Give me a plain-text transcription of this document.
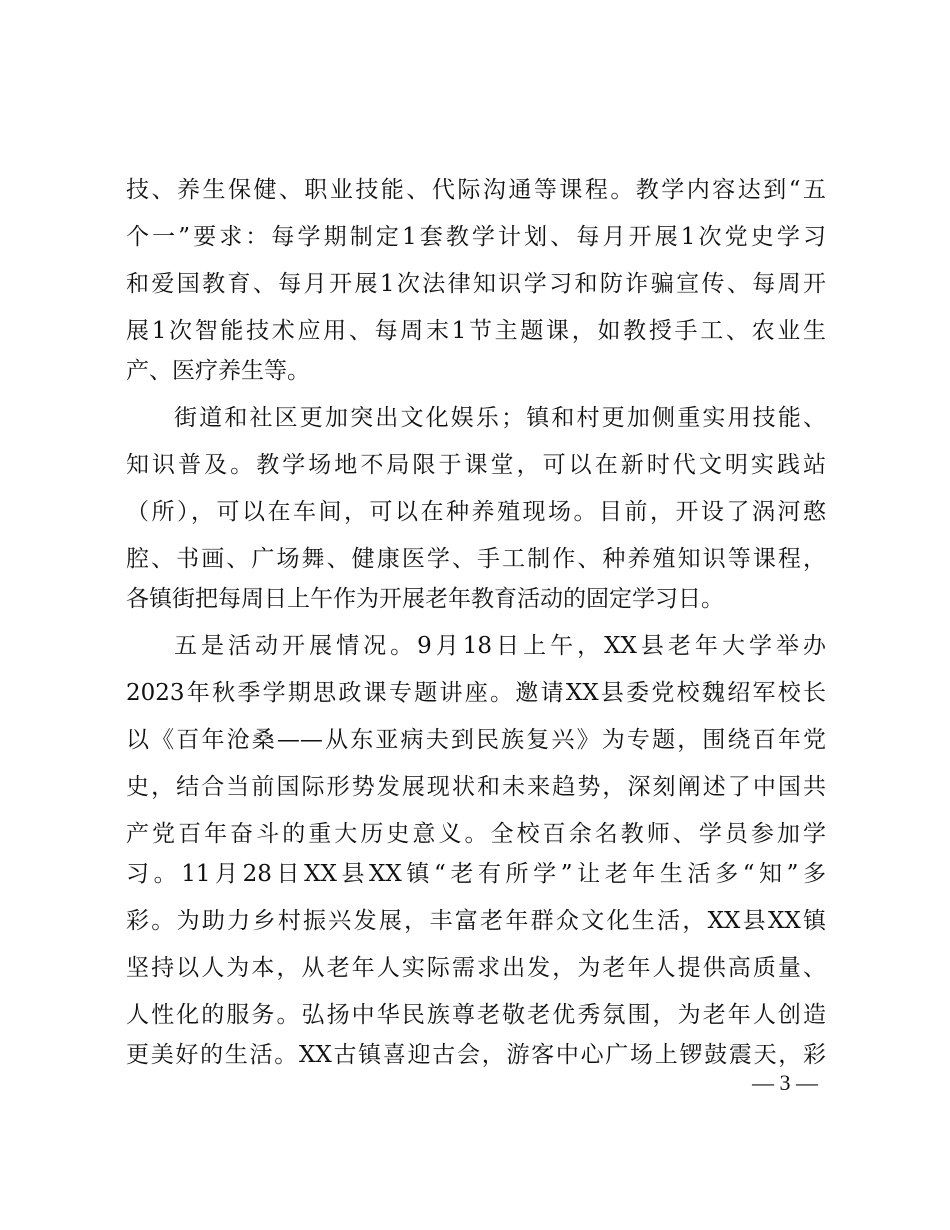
技、养生保健、职业技能、代际沟通等课程。教学内容达到“五
个一”要求：每学期制定1套教学计划、每月开展1次党史学习
和爱国教育、每月开展1次法律知识学习和防诈骗宣传、每周开
展1次智能技术应用、每周末1节主题课，如教授手工、农业生
产、医疗养生等。
街道和社区更加突出文化娱乐；镇和村更加侧重实用技能、
知识普及。教学场地不局限于课堂，可以在新时代文明实践站
（所），可以在车间，可以在种养殖现场。目前，开设了涡河憨
腔、书画、广场舞、健康医学、手工制作、种养殖知识等课程，
各镇街把每周日上午作为开展老年教育活动的固定学习日。
五是活动开展情况。9月18日上午，XX县老年大学举办
2023年秋季学期思政课专题讲座。邀请XX县委党校魏绍军校长
以《百年沧桑——从东亚病夫到民族复兴》为专题，围绕百年党
史，结合当前国际形势发展现状和未来趋势，深刻阐述了中国共
产党百年奋斗的重大历史意义。全校百余名教师、学员参加学
习。11月28日XX县XX镇“老有所学”让老年生活多“知”多
彩。为助力乡村振兴发展，丰富老年群众文化生活，XX县XX镇
坚持以人为本，从老年人实际需求出发，为老年人提供高质量、
人性化的服务。弘扬中华民族尊老敬老优秀氛围，为老年人创造
更美好的生活。XX古镇喜迎古会，游客中心广场上锣鼓震天，彩
— 3 —
